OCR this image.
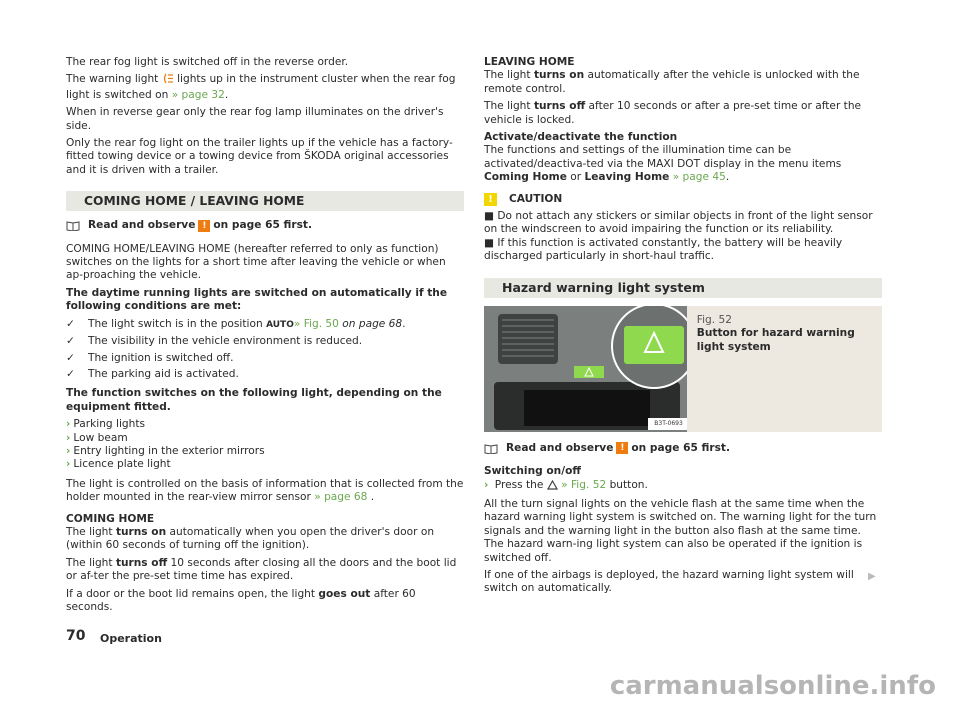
The rear fog light is switched off in the reverse order.

The warning light lights up in the instrument cluster when the rear fog light is switched on » page 32.

When in reverse gear only the rear fog lamp illuminates on the driver's side.

Only the rear fog light on the trailer lights up if the vehicle has a factory-fitted towing device or a towing device from ŠKODA original accessories and it is driven with a trailer.

COMING HOME / LEAVING HOME
Read and observe ! on page 65 first.

COMING HOME/LEAVING HOME (hereafter referred to only as function) switches on the lights for a short time after leaving the vehicle or when ap-proaching the vehicle.

The daytime running lights are switched on automatically if the following conditions are met:

✓ The light switch is in the position AUTO» Fig. 50 on page 68.
✓ The visibility in the vehicle environment is reduced.
✓ The ignition is switched off.
✓ The parking aid is activated.

The function switches on the following light, depending on the equipment fitted.

› Parking lights
› Low beam
› Entry lighting in the exterior mirrors
› Licence plate light

The light is controlled on the basis of information that is collected from the holder mounted in the rear-view mirror sensor » page 68 .

COMING HOME

The light turns on automatically when you open the driver's door on (within 60 seconds of turning off the ignition).

The light turns off 10 seconds after closing all the doors and the boot lid or af-ter the pre-set time time has expired.

If a door or the boot lid remains open, the light goes out after 60 seconds.

LEAVING HOME

The light turns on automatically after the vehicle is unlocked with the remote control.

The light turns off after 10 seconds or after a pre-set time or after the vehicle is locked.

Activate/deactivate the function

The functions and settings of the illumination time can be activated/deactiva-ted via the MAXI DOT display in the menu items Coming Home or Leaving Home » page 45.

!	CAUTION

■ Do not attach any stickers or similar objects in front of the light sensor on the windscreen to avoid impairing the function or its reliability.

■ If this function is activated constantly, the battery will be heavily discharged particularly in short-haul traffic.

Hazard warning light system
B3T-0693
Fig. 52
Button for hazard warning light system
Read and observe ! on page 65 first.
Switching on/off

› Press the » Fig. 52 button.

All the turn signal lights on the vehicle flash at the same time when the hazard warning light system is switched on. The warning light for the turn signals and the warning light in the button also flash at the same time. The hazard warn-ing light system can also be operated if the ignition is switched off.

If one of the airbags is deployed, the hazard warning light system will switch on automatically.

▶
70 Operation
carmanualsonline.info
